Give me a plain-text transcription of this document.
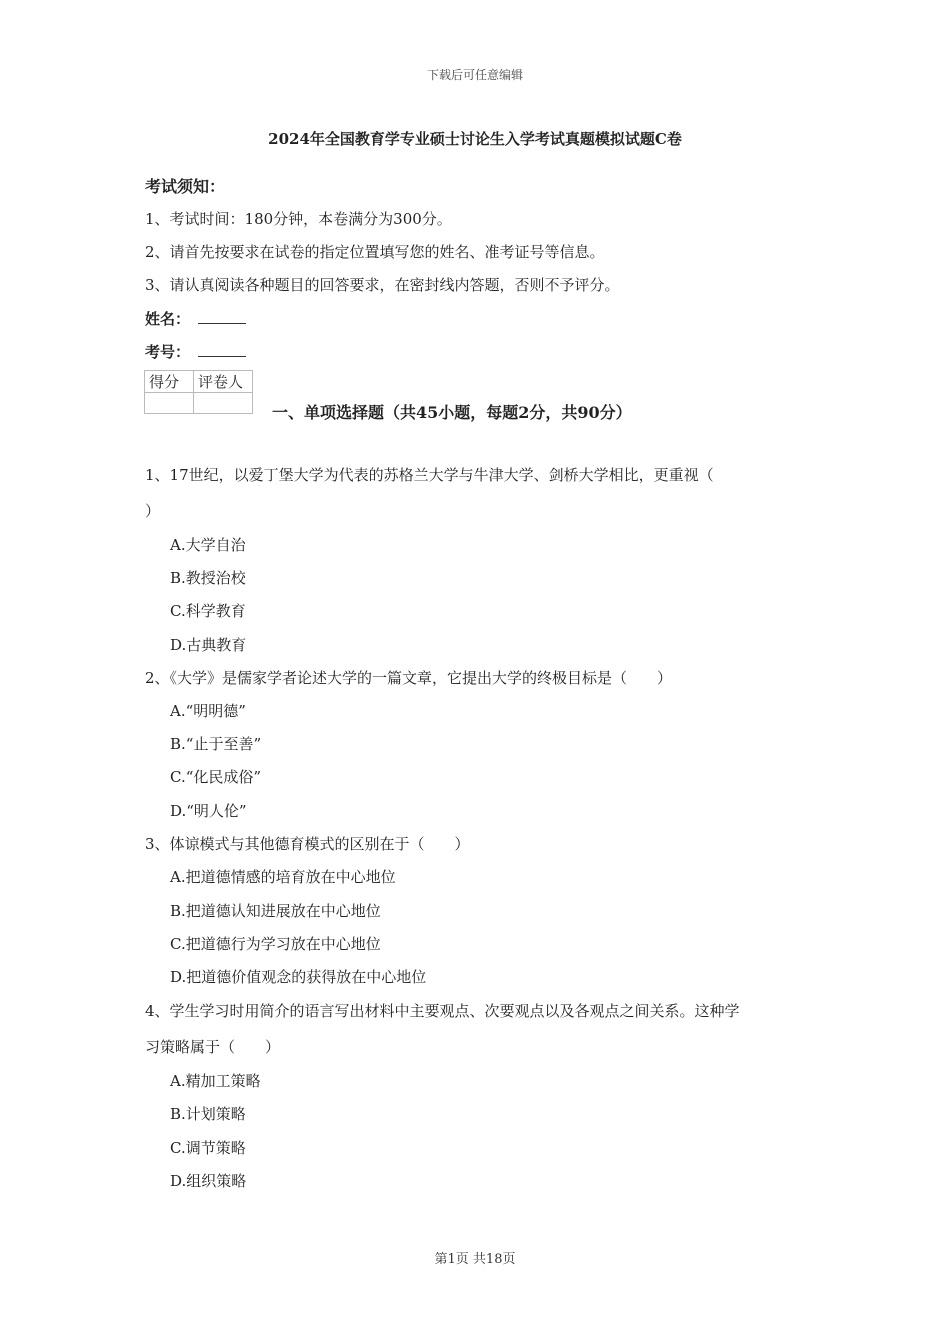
下载后可任意编辑
2024年全国教育学专业硕士讨论生入学考试真题模拟试题C卷
考试须知：
1、考试时间：180分钟，本卷满分为300分。
2、请首先按要求在试卷的指定位置填写您的姓名、准考证号等信息。
3、请认真阅读各种题目的回答要求，在密封线内答题，否则不予评分。
姓名：
考号：
得分	评卷人

一、单项选择题（共45小题，每题2分，共90分）
1、17世纪，以爱丁堡大学为代表的苏格兰大学与牛津大学、剑桥大学相比，更重视（
）
A.大学自治
B.教授治校
C.科学教育
D.古典教育
2、《大学》是儒家学者论述大学的一篇文章，它提出大学的终极目标是（　　）
A.“明明德”
B.“止于至善”
C.“化民成俗”
D.“明人伦”
3、体谅模式与其他德育模式的区别在于（　　）
A.把道德情感的培育放在中心地位
B.把道德认知进展放在中心地位
C.把道德行为学习放在中心地位
D.把道德价值观念的获得放在中心地位
4、学生学习时用简介的语言写出材料中主要观点、次要观点以及各观点之间关系。这种学
习策略属于（　　）
A.精加工策略
B.计划策略
C.调节策略
D.组织策略
第1页 共18页
